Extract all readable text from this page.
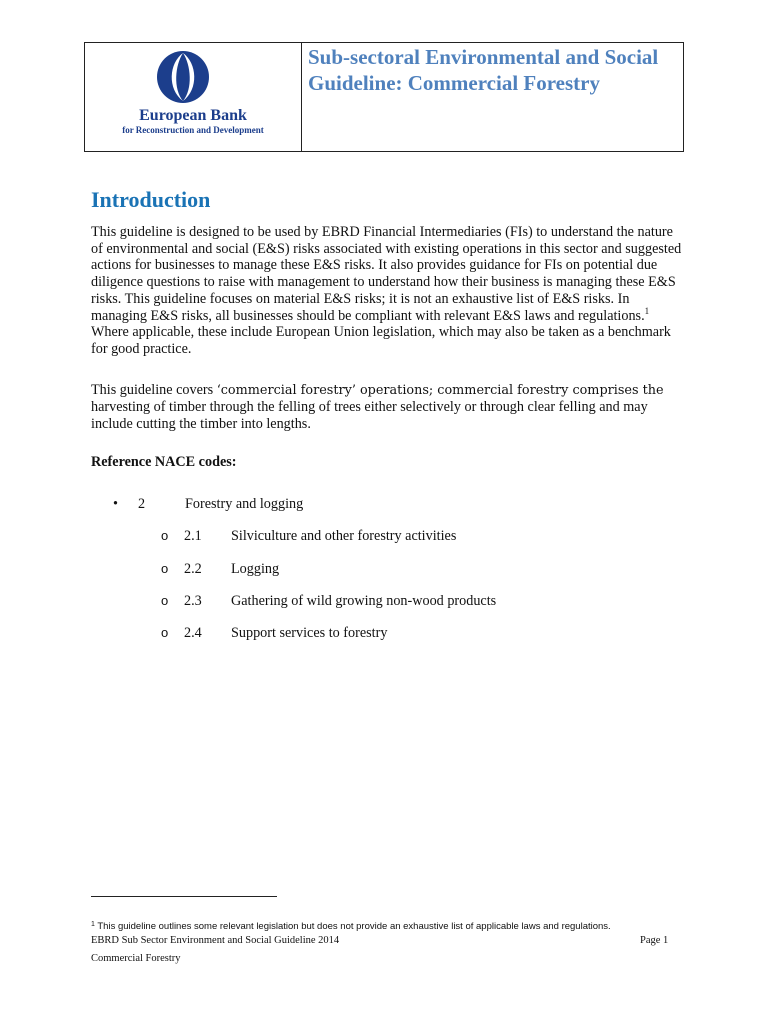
European Bank
for Reconstruction and Development
Sub-sectoral Environmental and Social Guideline: Commercial Forestry
Introduction

This guideline is designed to be used by EBRD Financial Intermediaries (FIs) to understand the nature of environmental and social (E&S) risks associated with existing operations in this sector and suggested actions for businesses to manage these E&S risks. It also provides guidance for FIs on potential due diligence questions to raise with management to understand how their business is managing these E&S risks. This guideline focuses on material E&S risks; it is not an exhaustive list of E&S risks. In managing E&S risks, all businesses should be compliant with relevant E&S laws and regulations.$^1$ Where applicable, these include European Union legislation, which may also be taken as a benchmark for good practice.

This guideline covers ‘commercial forestry’ operations; commercial forestry comprises the harvesting of timber through the felling of trees either selectively or through clear felling and may include cutting the timber into lengths.

Reference NACE codes:
• 2	Forestry and logging
o 2.1 Silviculture and other forestry activities
o 2.2 Logging
o 2.3 Gathering of wild growing non-wood products
o 2.4 Support services to forestry
$^1$ This guideline outlines some relevant legislation but does not provide an exhaustive list of applicable laws and regulations.
EBRD Sub Sector Environment and Social Guideline 2014	Page 1
Commercial Forestry
